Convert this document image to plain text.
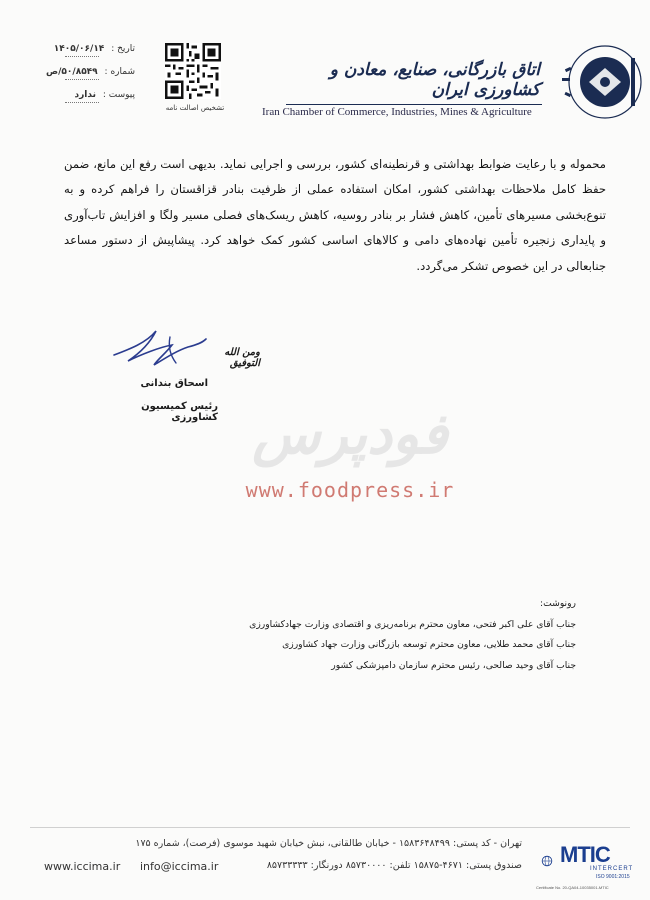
اتاق بازرگانی، صنایع، معادن و کشاورزی ایران
Iran Chamber of Commerce, Industries, Mines & Agriculture
تشخیص اصالت نامه
تاریخ : ۱۴۰۵/۰۶/۱۴
شماره : ۵۰/۸۵۴۹/ص
پیوست : ندارد

محموله و با رعایت ضوابط بهداشتی و قرنطینه‌ای کشور، بررسی و اجرایی نماید. بدیهی است رفع این مانع، ضمن حفظ کامل ملاحظات بهداشتی کشور، امکان استفاده عملی از ظرفیت بنادر قزاقستان را فراهم کرده و به تنوع‌بخشی مسیرهای تأمین، کاهش فشار بر بنادر روسیه، کاهش ریسک‌های فصلی مسیر ولگا و افزایش تاب‌آوری و پایداری زنجیره تأمین نهاده‌های دامی و کالاهای اساسی کشور کمک خواهد کرد. پیشاپیش از دستور مساعد جنابعالی در این خصوص تشکر می‌گردد.

ومن الله التوفیق
اسحاق بندانی
رئیس کمیسیون کشاورزی فودپرس
www.foodpress.ir
رونوشت:
جناب آقای علی اکبر فتحی، معاون محترم برنامه‌ریزی و اقتصادی وزارت جهادکشاورزی
جناب آقای محمد طلایی، معاون محترم توسعه بازرگانی وزارت جهاد کشاورزی
جناب آقای وحید صالحی، رئیس محترم سازمان دامپزشکی کشور
تهران - کد پستی: ۱۵۸۳۶۴۸۴۹۹ - خیابان طالقانی، نبش خیابان شهید موسوی (فرصت)، شماره ۱۷۵
صندوق پستی: ۴۶۷۱-۱۵۸۷۵ تلفن: ۸۵۷۳۰۰۰۰ دورنگار: ۸۵۷۳۳۳۳۳
info@iccima.ir
www.iccima.ir	MTIC
INTERCERT
ISO 9001:2015
Certificate No. 20-QA04-10035001-MTIC
